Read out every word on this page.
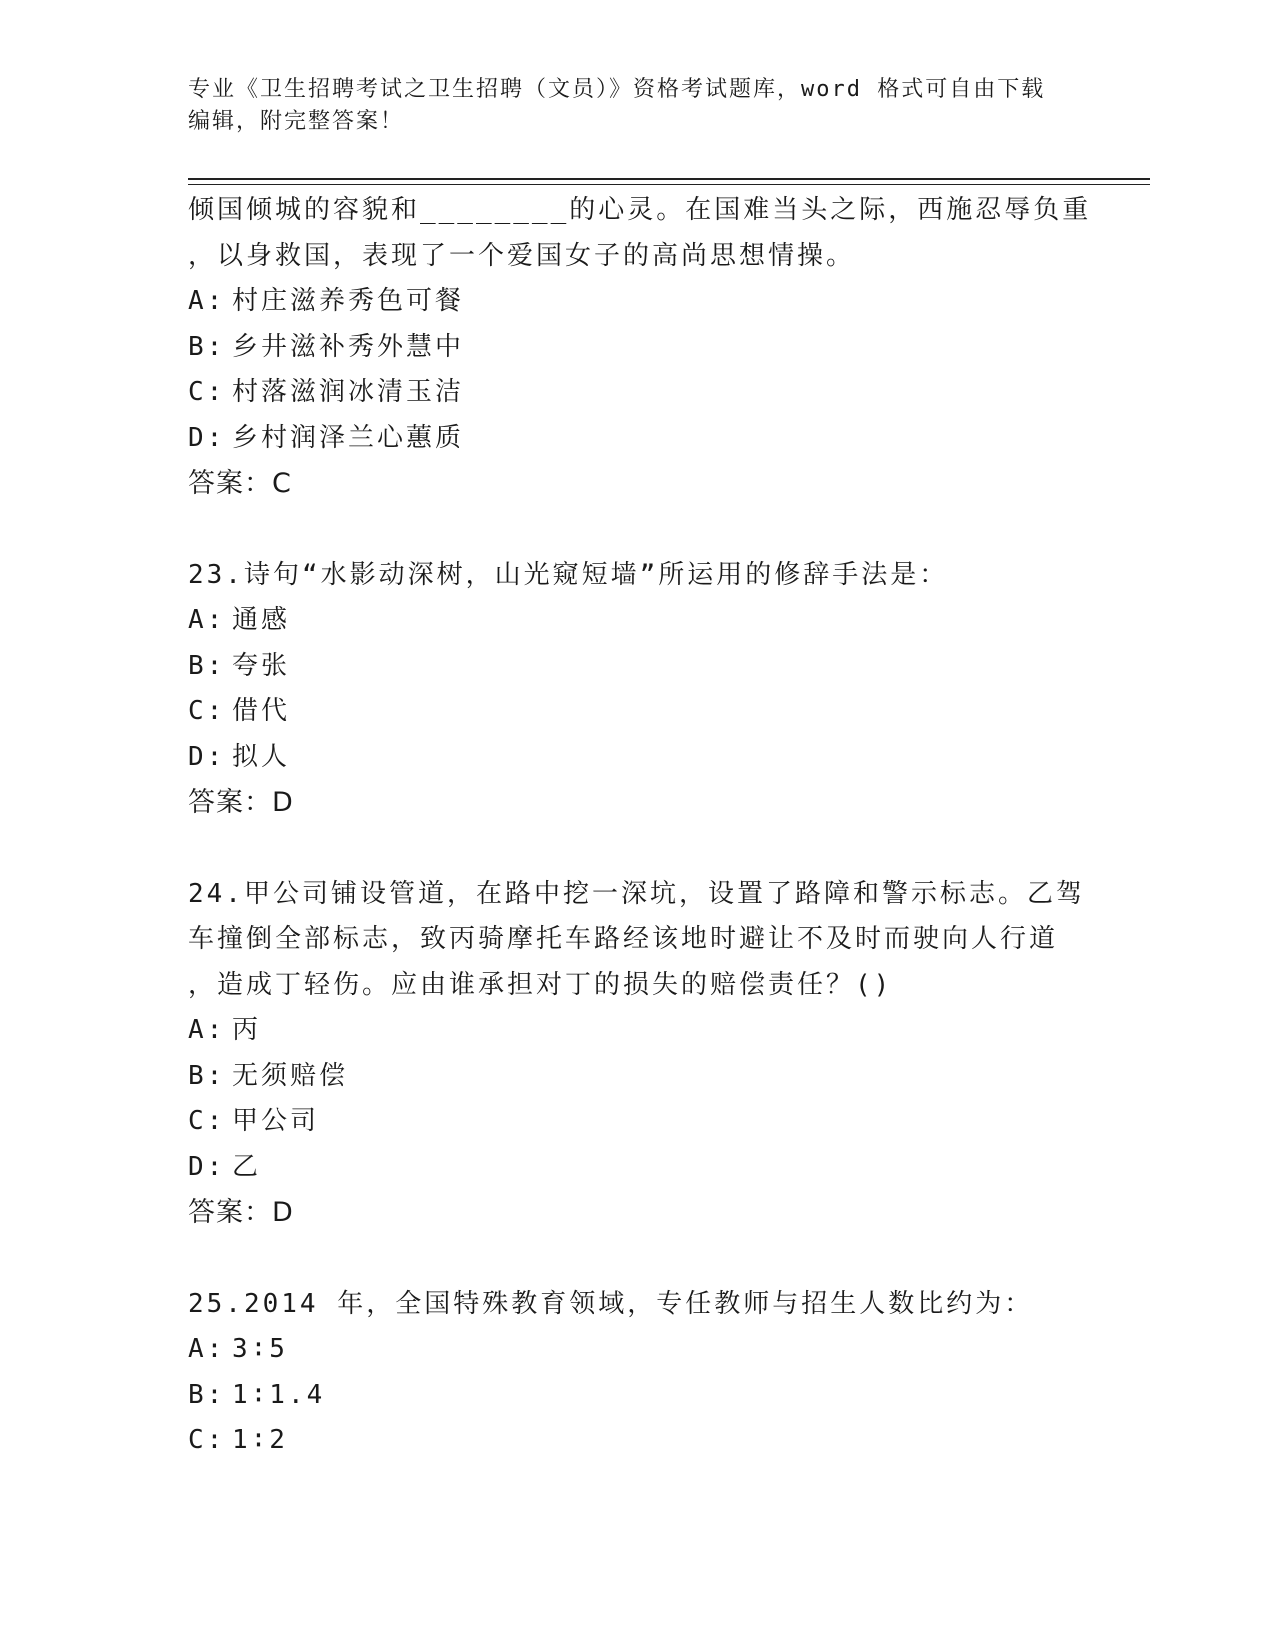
专业《卫生招聘考试之卫生招聘（文员）》资格考试题库，word 格式可自由下载
编辑，附完整答案！
倾国倾城的容貌和________的心灵。在国难当头之际，西施忍辱负重
，以身救国，表现了一个爱国女子的高尚思想情操。
A: 村庄滋养秀色可餐
B: 乡井滋补秀外慧中
C: 村落滋润冰清玉洁
D: 乡村润泽兰心蕙质
答案：C
23.诗句“水影动深树，山光窥短墙”所运用的修辞手法是：
A: 通感
B: 夸张
C: 借代
D: 拟人
答案：D
24.甲公司铺设管道，在路中挖一深坑，设置了路障和警示标志。乙驾
车撞倒全部标志，致丙骑摩托车路经该地时避让不及时而驶向人行道
，造成丁轻伤。应由谁承担对丁的损失的赔偿责任？()
A: 丙
B: 无须赔偿
C: 甲公司
D: 乙
答案：D
25.2014 年，全国特殊教育领域，专任教师与招生人数比约为：
A: 3∶5
B: 1∶1.4
C: 1∶2
